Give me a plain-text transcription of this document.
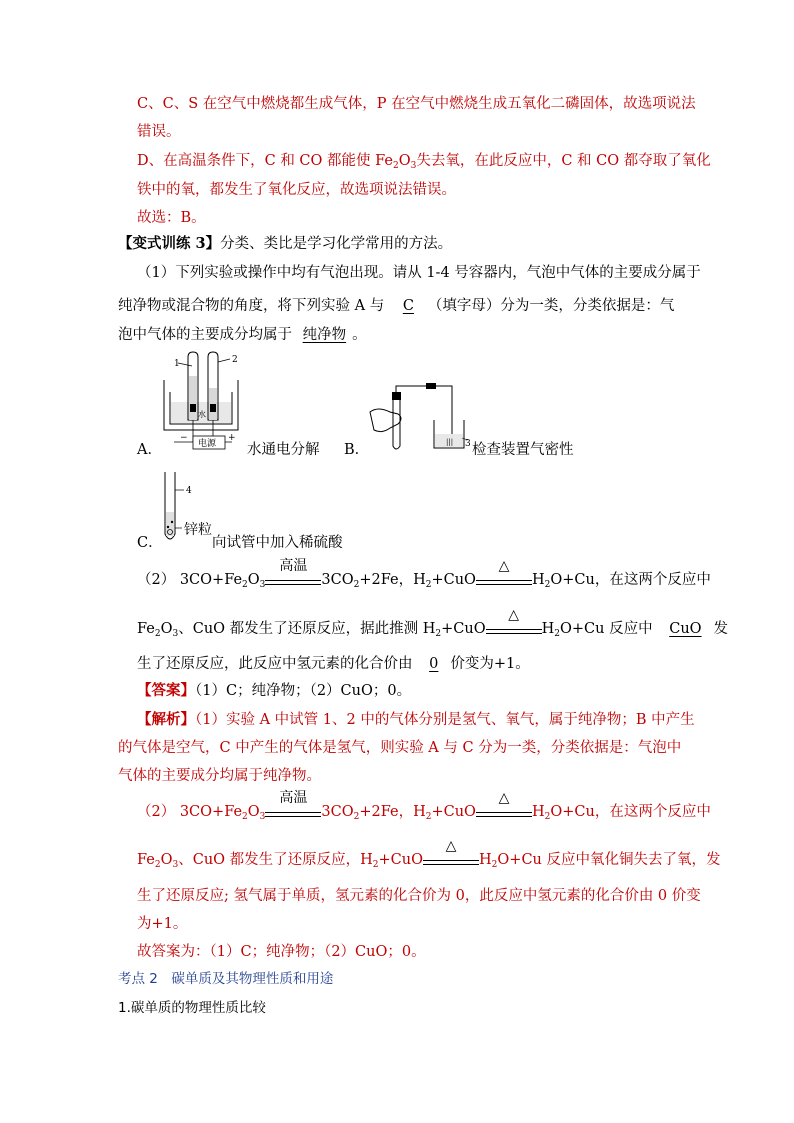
C、C、S 在空气中燃烧都生成气体，P 在空气中燃烧生成五氧化二磷固体，故选项说法
错误。
D、在高温条件下，C 和 CO 都能使 $Fe_2O_3$失去氧，在此反应中，C 和 CO 都夺取了氧化
铁中的氧，都发生了氧化反应，故选项说法错误。
故选：B。
【变式训练 3】分类、类比是学习化学常用的方法。
（1）下列实验或操作中均有气泡出现。请从 1-4 号容器内，气泡中气体的主要成分属于
纯净物或混合物的角度，将下列实验 A 与 C （填字母）分为一类，分类依据是：气
泡中气体的主要成分均属于 纯净物 。
A．
1	2
水
电源
−	+
水通电分解 B．	||| 3 检查装置气密性
C．
4
锌粒
向试管中加入稀硫酸
（2） $3CO+Fe_2O_3$
高温
$3CO_2+2Fe$，$H_2+CuO$
△
$H_2O+Cu$，在这两个反应中
$Fe_2O_3$、CuO 都发生了还原反应，据此推测 $H_2+CuO$
△
$H_2O+Cu$ 反应中 CuO 发
生了还原反应，此反应中氢元素的化合价由 0 价变为+1。
【答案】（1）C；纯净物；（2）CuO；0。
【解析】（1）实验 A 中试管 1、2 中的气体分别是氢气、氧气，属于纯净物；B 中产生
的气体是空气，C 中产生的气体是氢气，则实验 A 与 C 分为一类，分类依据是：气泡中
气体的主要成分均属于纯净物。
（2） $3CO+Fe_2O_3$
高温
$3CO_2+2Fe$，$H_2+CuO$
△
$H_2O+Cu$，在这两个反应中
$Fe_2O_3$、CuO 都发生了还原反应，$H_2+CuO$
△
$H_2O+Cu$ 反应中氧化铜失去了氧，发
生了还原反应; 氢气属于单质，氢元素的化合价为 0，此反应中氢元素的化合价由 0 价变
为+1。
故答案为：（1）C；纯净物；（2）CuO；0。
考点 2　碳单质及其物理性质和用途
1.碳单质的物理性质比较
